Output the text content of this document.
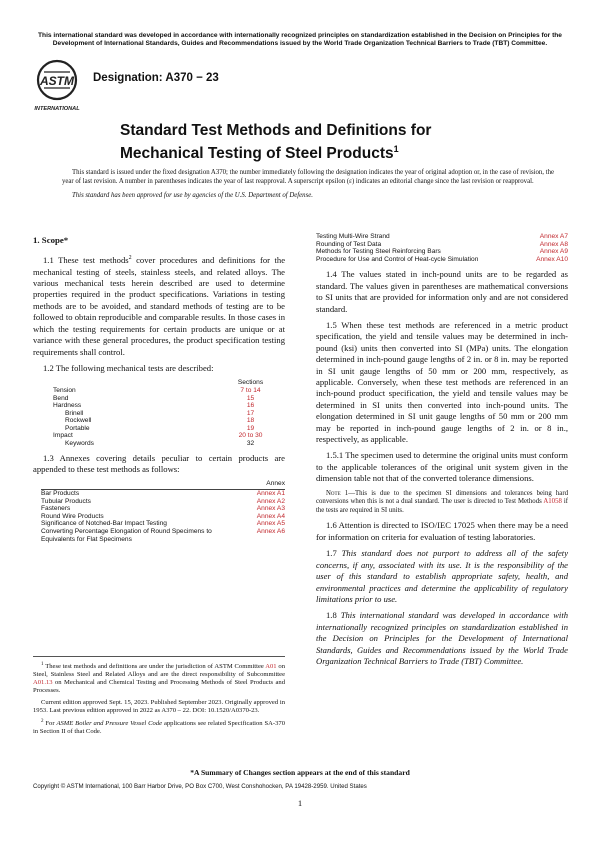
This international standard was developed in accordance with internationally recognized principles on standardization established in the Decision on Principles for the Development of International Standards, Guides and Recommendations issued by the World Trade Organization Technical Barriers to Trade (TBT) Committee.
ASTM
INTERNATIONAL
Designation: A370 − 23
Standard Test Methods and Definitions for
Mechanical Testing of Steel Products$^1$

This standard is issued under the fixed designation A370; the number immediately following the designation indicates the year of original adoption or, in the case of revision, the year of last revision. A number in parentheses indicates the year of last reapproval. A superscript epsilon (ε) indicates an editorial change since the last revision or reapproval.

This standard has been approved for use by agencies of the U.S. Department of Defense.

1. Scope*

1.1 These test methods$^2$ cover procedures and definitions for the mechanical testing of steels, stainless steels, and related alloys. The various mechanical tests herein described are used to determine properties required in the product specifications. Variations in testing methods are to be avoided, and standard methods of testing are to be followed to obtain reproducible and comparable results. In those cases in which the testing requirements for certain products are unique or at variance with these general procedures, the product specification testing requirements shall control.

1.2 The following mechanical tests are described:

	Sections
Tension	7 to 14
Bend	15
Hardness	16
Brinell	17
Rockwell	18
Portable	19
Impact	20 to 30
Keywords	32

1.3 Annexes covering details peculiar to certain products are appended to these test methods as follows:

	Annex
Bar Products	Annex A1
Tubular Products	Annex A2
Fasteners	Annex A3
Round Wire Products	Annex A4
Significance of Notched-Bar Impact Testing	Annex A5
Converting Percentage Elongation of Round Specimens to	Annex A6
Equivalents for Flat Specimens	

$^1$ These test methods and definitions are under the jurisdiction of ASTM Committee A01 on Steel, Stainless Steel and Related Alloys and are the direct responsibility of Subcommittee A01.13 on Mechanical and Chemical Testing and Processing Methods of Steel Products and Processes.

Current edition approved Sept. 15, 2023. Published September 2023. Originally approved in 1953. Last previous edition approved in 2022 as A370 – 22. DOI: 10.1520/A0370-23.

$^2$ For ASME Boiler and Pressure Vessel Code applications see related Specification SA-370 in Section II of that Code.

Testing Multi-Wire Strand	Annex A7
Rounding of Test Data	Annex A8
Methods for Testing Steel Reinforcing Bars	Annex A9
Procedure for Use and Control of Heat-cycle Simulation	Annex A10

1.4 The values stated in inch-pound units are to be regarded as standard. The values given in parentheses are mathematical conversions to SI units that are provided for information only and are not considered standard.

1.5 When these test methods are referenced in a metric product specification, the yield and tensile values may be determined in inch-pound (ksi) units then converted into SI (MPa) units. The elongation determined in inch-pound gauge lengths of 2 in. or 8 in. may be reported in SI unit gauge lengths of 50 mm or 200 mm, respectively, as applicable. Conversely, when these test methods are referenced in an inch-pound product specification, the yield and tensile values may be determined in SI units then converted into inch-pound units. The elongation determined in SI unit gauge lengths of 50 mm or 200 mm may be reported in inch-pound gauge lengths of 2 in. or 8 in., respectively, as applicable.

1.5.1 The specimen used to determine the original units must conform to the applicable tolerances of the original unit system given in the dimension table not that of the converted tolerance dimensions.

Note 1—This is due to the specimen SI dimensions and tolerances being hard conversions when this is not a dual standard. The user is directed to Test Methods A1058 if the tests are required in SI units.

1.6 Attention is directed to ISO/IEC 17025 when there may be a need for information on criteria for evaluation of testing laboratories.

1.7 This standard does not purport to address all of the safety concerns, if any, associated with its use. It is the responsibility of the user of this standard to establish appropriate safety, health, and environmental practices and determine the applicability of regulatory limitations prior to use.

1.8 This international standard was developed in accordance with internationally recognized principles on standardization established in the Decision on Principles for the Development of International Standards, Guides and Recommendations issued by the World Trade Organization Technical Barriers to Trade (TBT) Committee.

*A Summary of Changes section appears at the end of this standard
Copyright © ASTM International, 100 Barr Harbor Drive, PO Box C700, West Conshohocken, PA 19428-2959. United States
1
